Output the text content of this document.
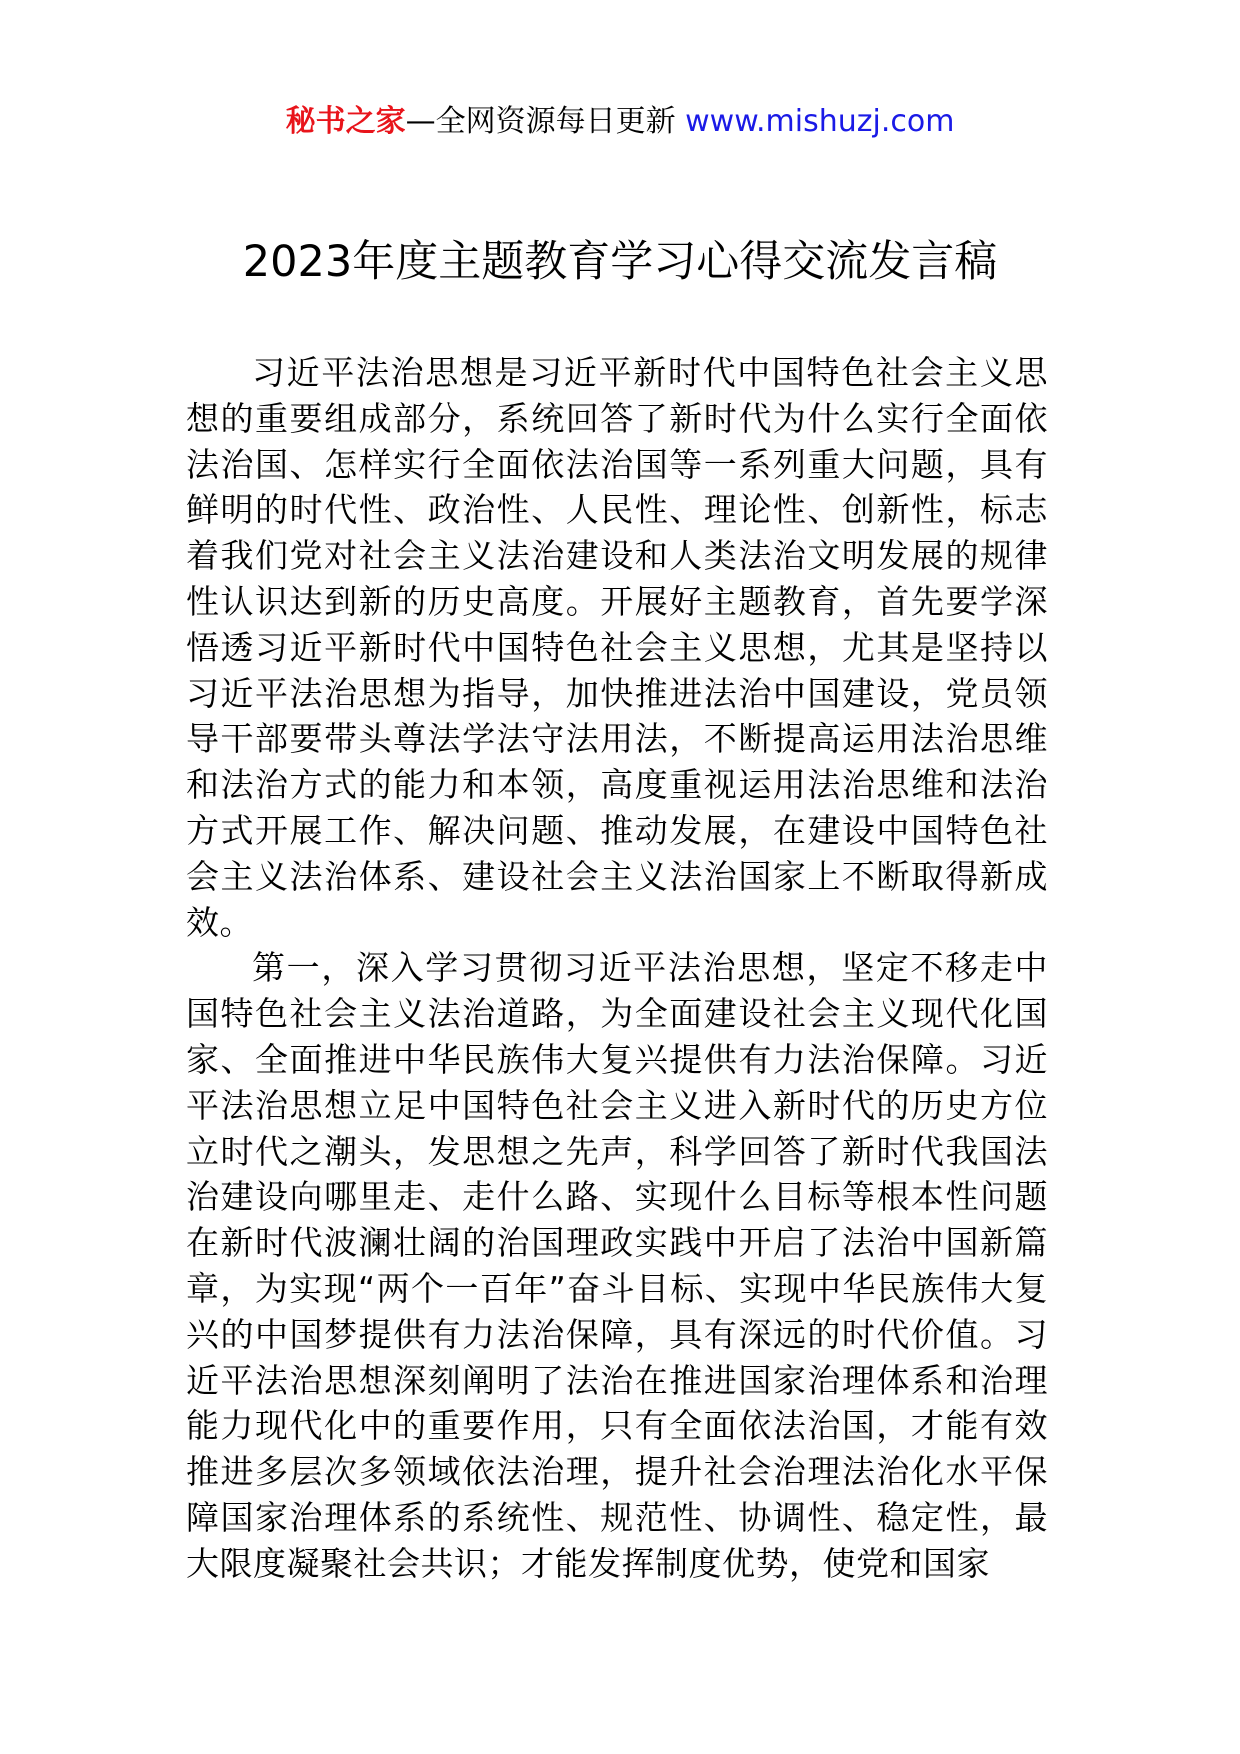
秘书之家—全网资源每日更新 www.mishuzj.com
2023年度主题教育学习心得交流发言稿

习近平法治思想是习近平新时代中国特色社会主义思想的重要组成部分，系统回答了新时代为什么实行全面依法治国、怎样实行全面依法治国等一系列重大问题，具有鲜明的时代性、政治性、人民性、理论性、创新性，标志着我们党对社会主义法治建设和人类法治文明发展的规律性认识达到新的历史高度。开展好主题教育，首先要学深悟透习近平新时代中国特色社会主义思想，尤其是坚持以习近平法治思想为指导，加快推进法治中国建设，党员领导干部要带头尊法学法守法用法，不断提高运用法治思维和法治方式的能力和本领，高度重视运用法治思维和法治方式开展工作、解决问题、推动发展，在建设中国特色社会主义法治体系、建设社会主义法治国家上不断取得新成效。

第一，深入学习贯彻习近平法治思想，坚定不移走中国特色社会主义法治道路，为全面建设社会主义现代化国家、全面推进中华民族伟大复兴提供有力法治保障。习近平法治思想立足中国特色社会主义进入新时代的历史方位立时代之潮头，发思想之先声，科学回答了新时代我国法治建设向哪里走、走什么路、实现什么目标等根本性问题在新时代波澜壮阔的治国理政实践中开启了法治中国新篇章，为实现“两个一百年”奋斗目标、实现中华民族伟大复兴的中国梦提供有力法治保障，具有深远的时代价值。习近平法治思想深刻阐明了法治在推进国家治理体系和治理能力现代化中的重要作用，只有全面依法治国，才能有效推进多层次多领域依法治理，提升社会治理法治化水平保障国家治理体系的系统性、规范性、协调性、稳定性，最大限度凝聚社会共识；才能发挥制度优势，使党和国家
